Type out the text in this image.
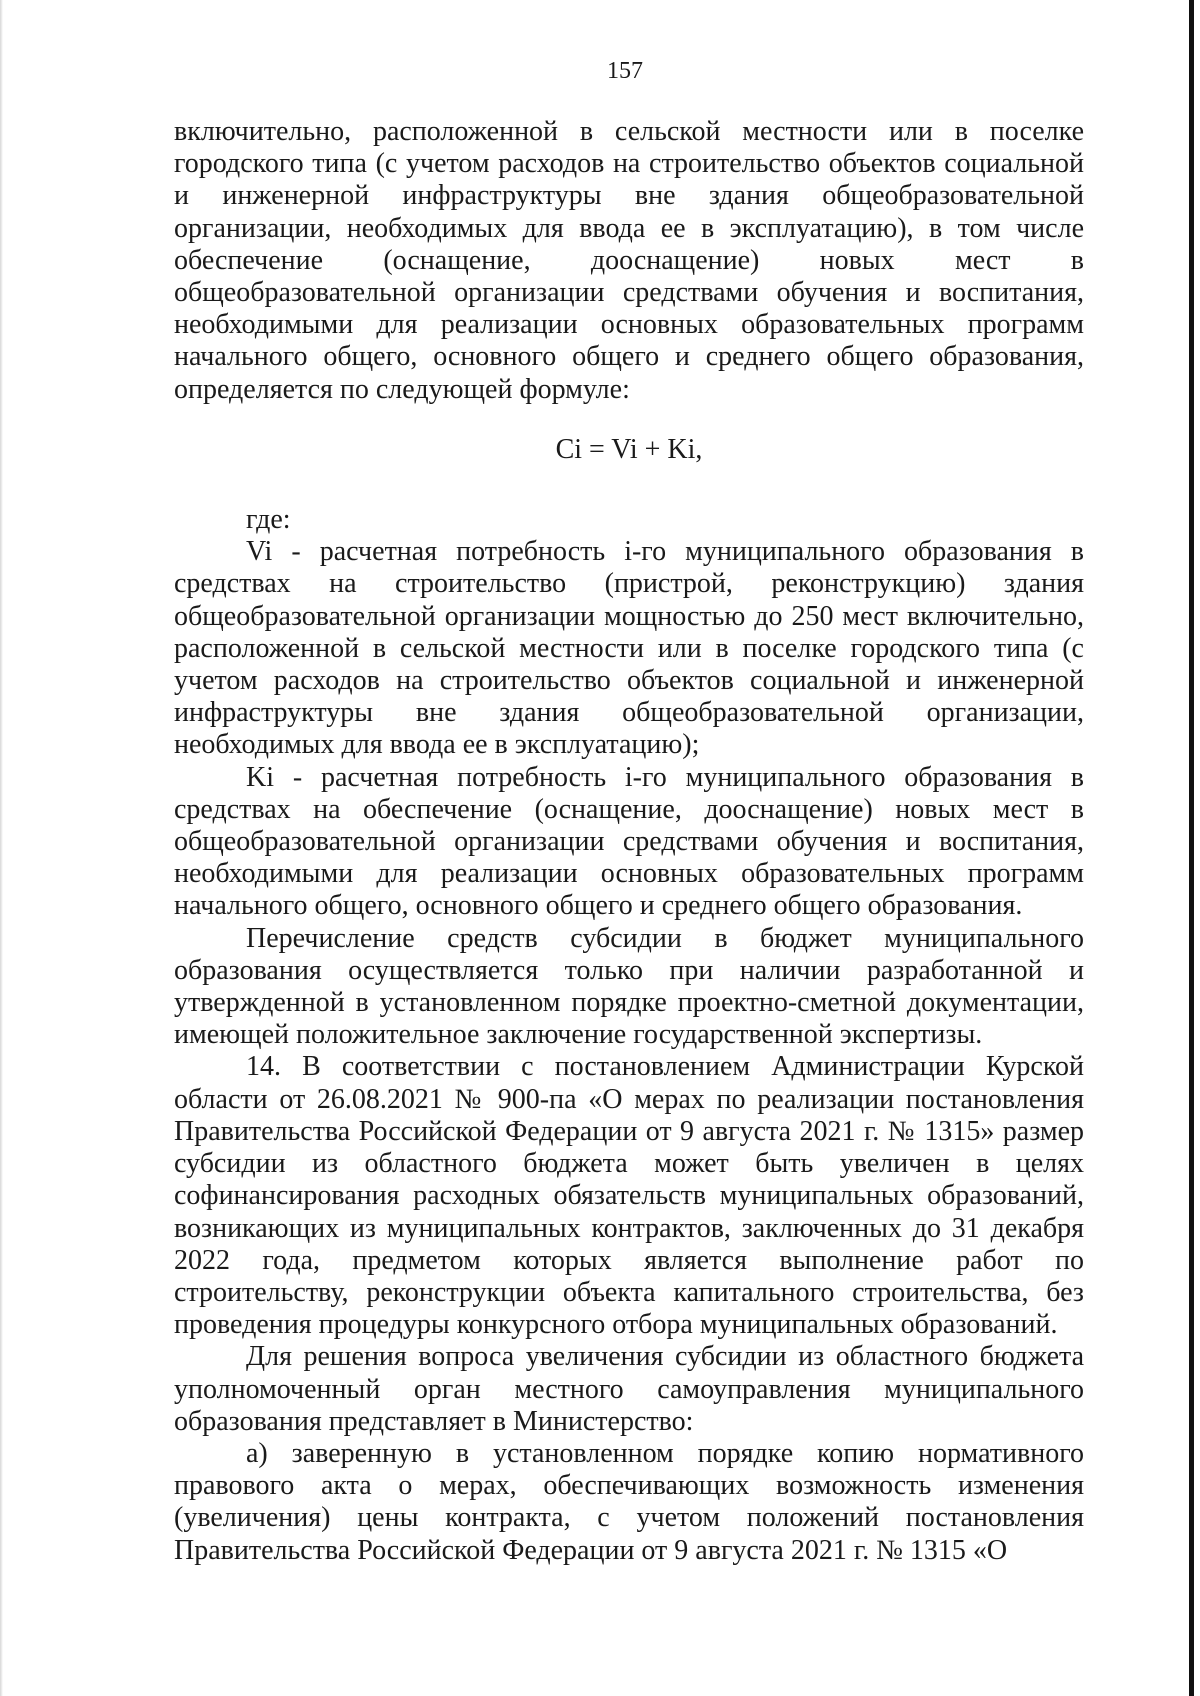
157

включительно, расположенной в сельской местности или в поселке городского типа (с учетом расходов на строительство объектов социальной и инженерной инфраструктуры вне здания общеобразовательной организации, необходимых для ввода ее в эксплуатацию), в том числе обеспечение (оснащение, дооснащение) новых мест в общеобразовательной организации средствами обучения и воспитания, необходимыми для реализации основных образовательных программ начального общего, основного общего и среднего общего образования, определяется по следующей формуле:

Ci = Vi + Ki,

где:

Vi - расчетная потребность i-го муниципального образования в средствах на строительство (пристрой, реконструкцию) здания общеобразовательной организации мощностью до 250 мест включительно, расположенной в сельской местности или в поселке городского типа (с учетом расходов на строительство объектов социальной и инженерной инфраструктуры вне здания общеобразовательной организации, необходимых для ввода ее в эксплуатацию);

Ki - расчетная потребность i-го муниципального образования в средствах на обеспечение (оснащение, дооснащение) новых мест в общеобразовательной организации средствами обучения и воспитания, необходимыми для реализации основных образовательных программ начального общего, основного общего и среднего общего образования.

Перечисление средств субсидии в бюджет муниципального образования осуществляется только при наличии разработанной и утвержденной в установленном порядке проектно-сметной документации, имеющей положительное заключение государственной экспертизы.

14. В соответствии с постановлением Администрации Курской области от 26.08.2021 № 900-па «О мерах по реализации постановления Правительства Российской Федерации от 9 августа 2021 г. № 1315» размер субсидии из областного бюджета может быть увеличен в целях софинансирования расходных обязательств муниципальных образований, возникающих из муниципальных контрактов, заключенных до 31 декабря 2022 года, предметом которых является выполнение работ по строительству, реконструкции объекта капитального строительства, без проведения процедуры конкурсного отбора муниципальных образований.

Для решения вопроса увеличения субсидии из областного бюджета уполномоченный орган местного самоуправления муниципального образования представляет в Министерство:

а) заверенную в установленном порядке копию нормативного правового акта о мерах, обеспечивающих возможность изменения (увеличения) цены контракта, с учетом положений постановления Правительства Российской Федерации от 9 августа 2021 г. № 1315 «О
